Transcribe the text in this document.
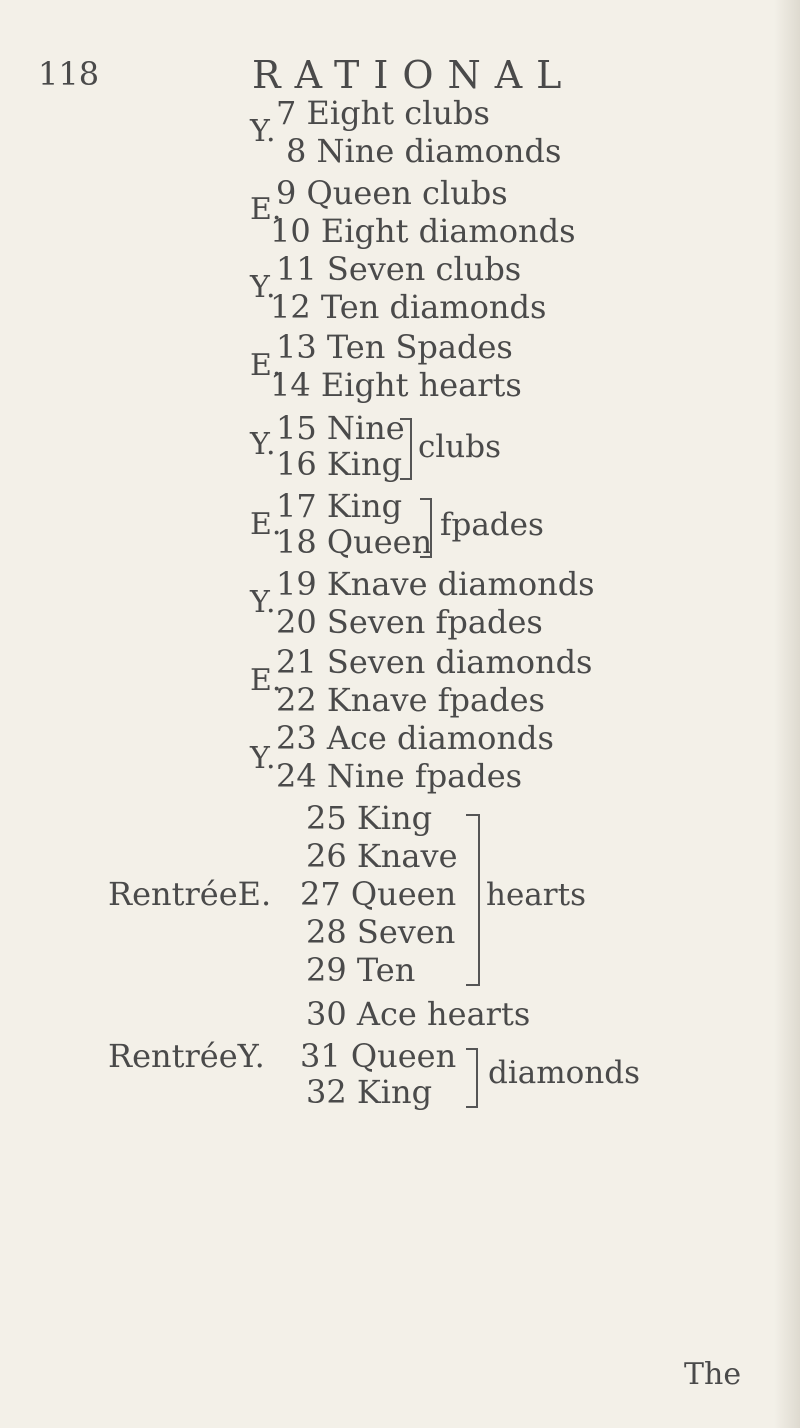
118	RATIONAL
Y. 7 Eight clubs
8 Nine diamonds
E.
9 Queen clubs
10 Eight diamonds
Y. 11 Seven clubs
12 Ten diamonds
E.
13 Ten Spades
14 Eight hearts
Y. 15 Nine
16 King clubs
E.
17 King
18 Queen fpades
Y. 19 Knave diamonds
20 Seven fpades
E.
21 Seven diamonds
22 Knave fpades
Y.
23 Ace diamonds
24 Nine fpades
25 King
26 Knave
RentréeE. 27 Queen
28 Seven
29 Ten
hearts
30 Ace hearts
RentréeY. 31 Queen
32 King diamonds
The
